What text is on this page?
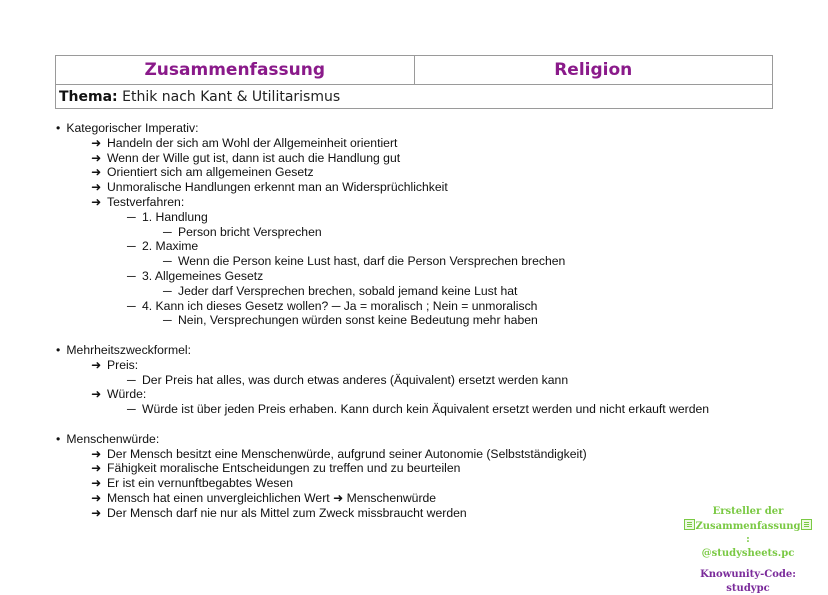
Zusammenfassung	Religion
Thema: Ethik nach Kant & Utilitarismus
• Kategorischer Imperativ:
➜ Handeln der sich am Wohl der Allgemeinheit orientiert
➜ Wenn der Wille gut ist, dann ist auch die Handlung gut
➜ Orientiert sich am allgemeinen Gesetz
➜ Unmoralische Handlungen erkennt man an Widersprüchlichkeit
➜ Testverfahren:
─ 1. Handlung
─ Person bricht Versprechen
─ 2. Maxime
─ Wenn die Person keine Lust hast, darf die Person Versprechen brechen
─ 3. Allgemeines Gesetz
─ Jeder darf Versprechen brechen, sobald jemand keine Lust hat
─ 4. Kann ich dieses Gesetz wollen? ─ Ja = moralisch ; Nein = unmoralisch
─ Nein, Versprechungen würden sonst keine Bedeutung mehr haben
• Mehrheitszweckformel:
➜ Preis:
─ Der Preis hat alles, was durch etwas anderes (Äquivalent) ersetzt werden kann
➜ Würde:
─ Würde ist über jeden Preis erhaben. Kann durch kein Äquivalent ersetzt werden und nicht erkauft werden
• Menschenwürde:
➜ Der Mensch besitzt eine Menschenwürde, aufgrund seiner Autonomie (Selbstständigkeit)
➜ Fähigkeit moralische Entscheidungen zu treffen und zu beurteilen
➜ Er ist ein vernunftbegabtes Wesen
➜ Mensch hat einen unvergleichlichen Wert ➜ Menschenwürde
➜ Der Mensch darf nie nur als Mittel zum Zweck missbraucht werden	Ersteller der
Zusammenfassung:
@studysheets.pc
Knowunity-Code:
studypc
